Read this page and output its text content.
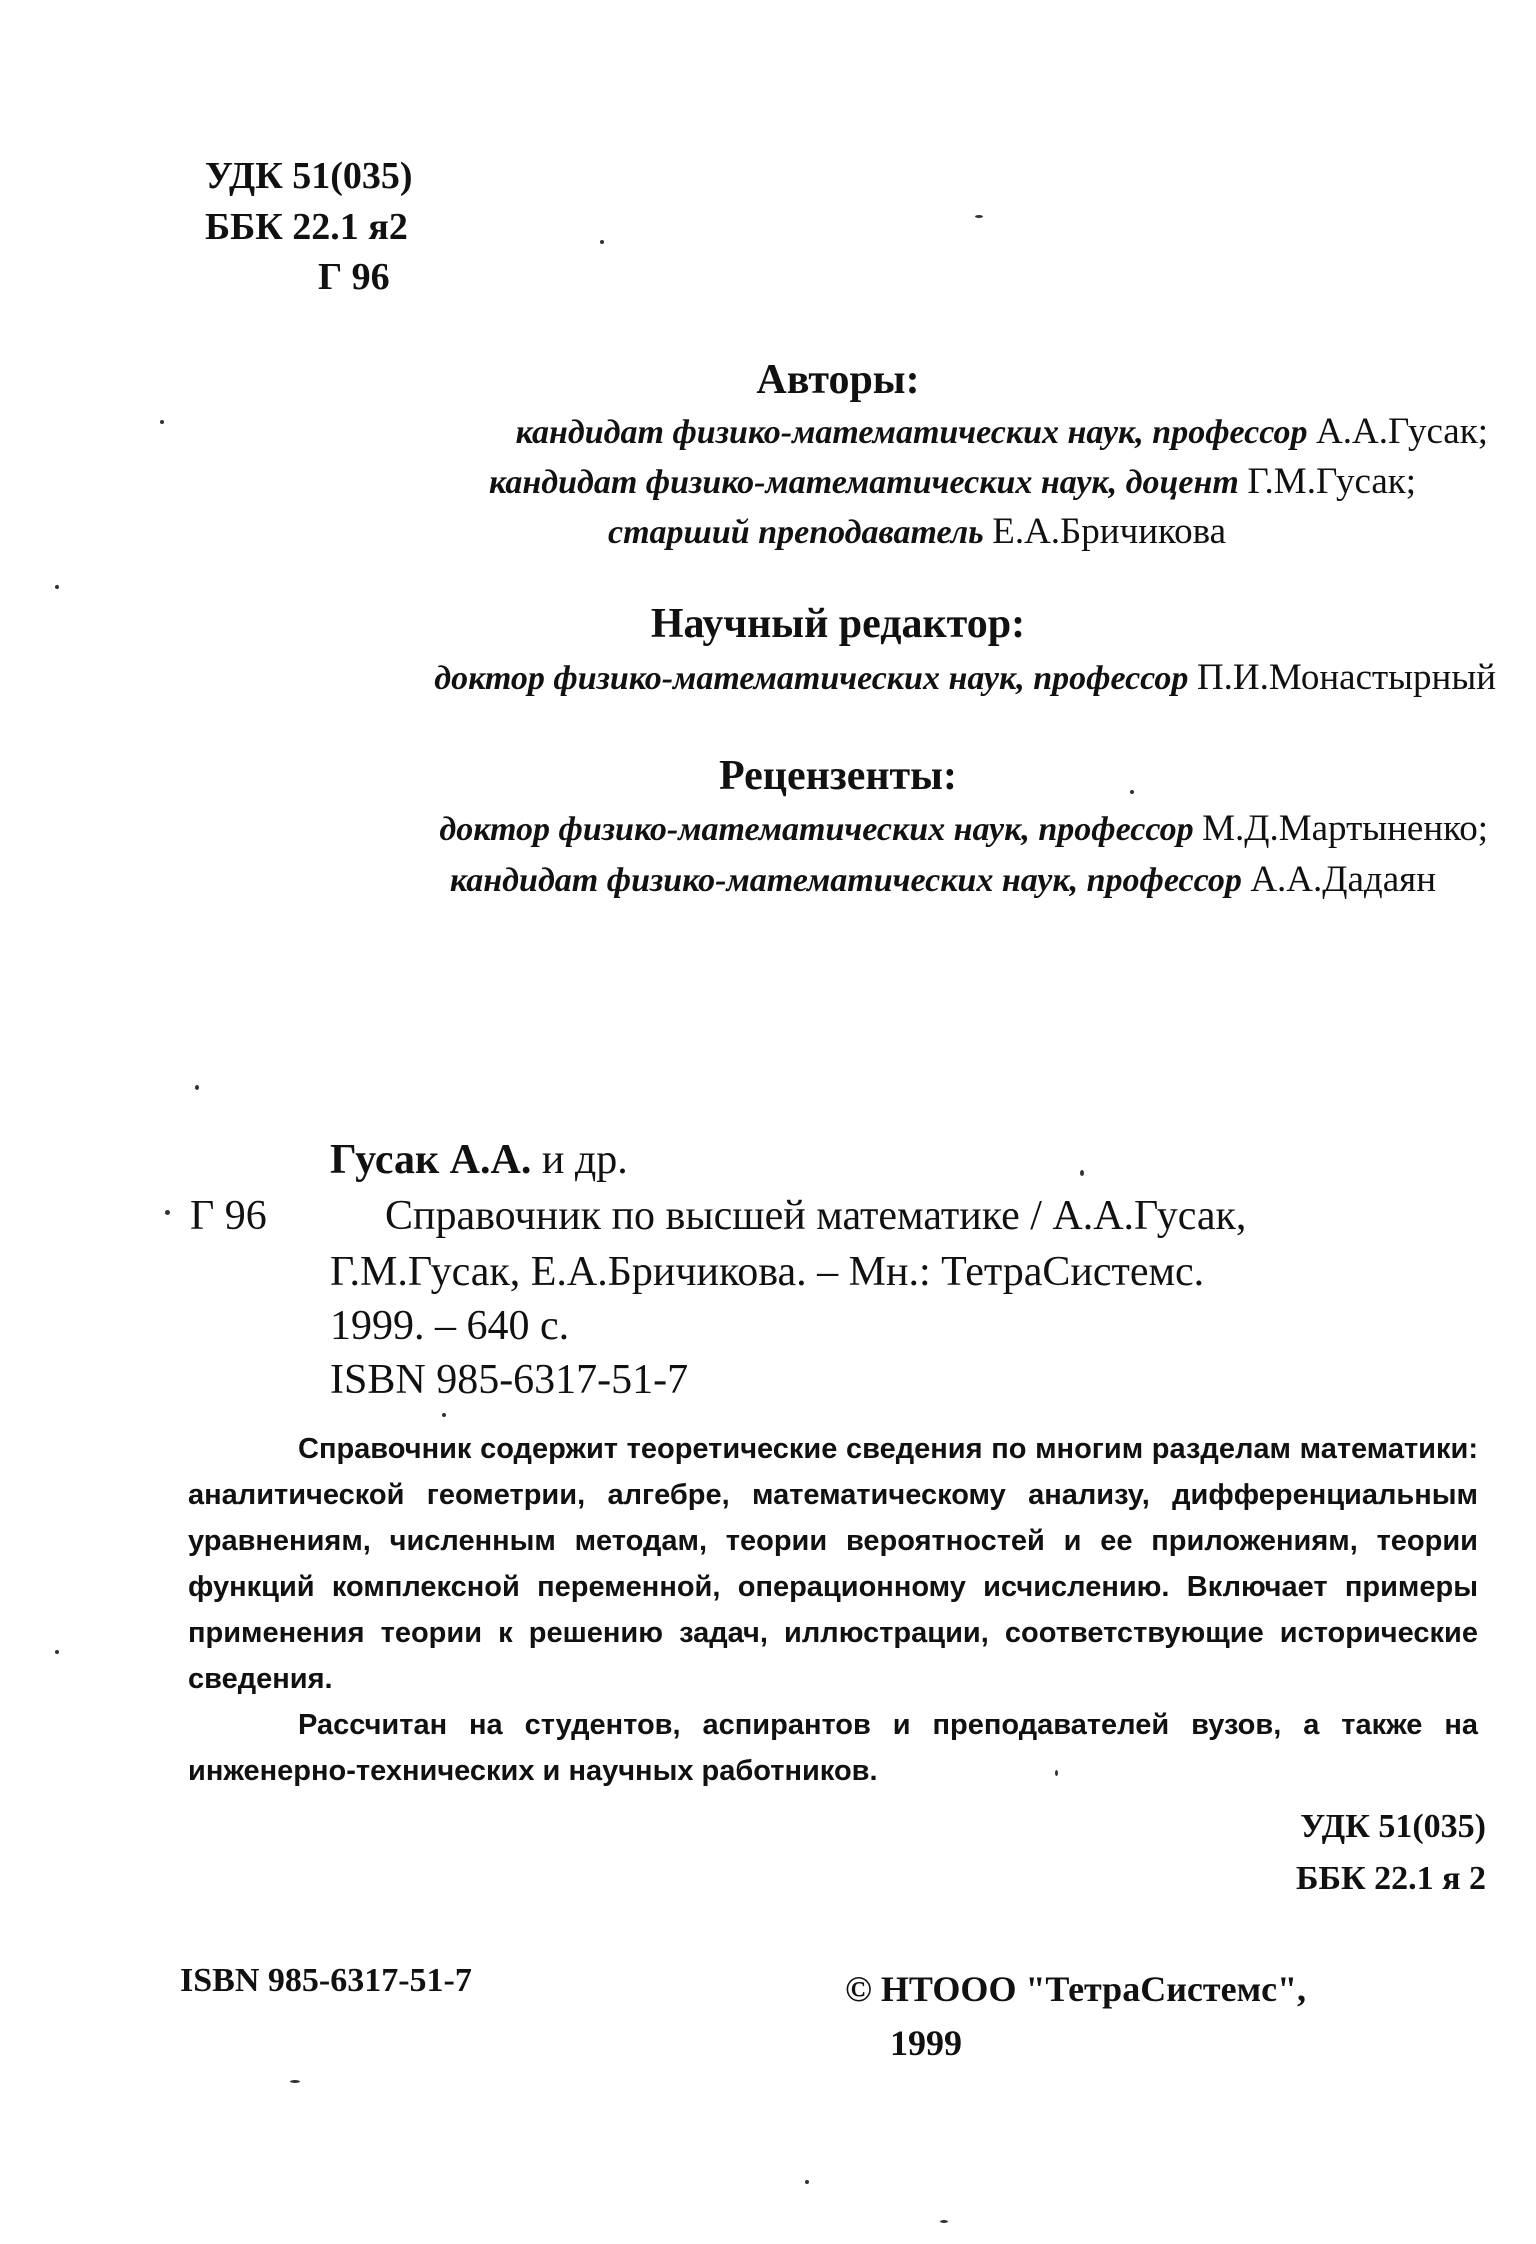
УДК 51(035)
ББК 22.1 я2
Г 96
Авторы:
кандидат физико-математических наук, профессор А.А.Гусак;
кандидат физико-математических наук, доцент Г.М.Гусак;
старший преподаватель Е.А.Бричикова
Научный редактор:
доктор физико-математических наук, профессор П.И.Монастырный
Рецензенты:
доктор физико-математических наук, профессор М.Д.Мартыненко;
кандидат физико-математических наук, профессор А.А.Дадаян
Гусак А.А. и др.
Г 96	Справочник по высшей математике / А.А.Гусак,
Г.М.Гусак, Е.А.Бричикова. – Мн.: ТетраСистемс.
1999. – 640 с.
ISBN 985-6317-51-7

Справочник содержит теоретические сведения по многим разделам математики: аналитической геометрии, алгебре, математическому анализу, дифференциальным уравнениям, численным методам, теории вероятностей и ее приложениям, теории функций комплексной переменной, операционному исчислению. Включает примеры применения теории к решению задач, иллюстрации, соответствующие исторические сведения.

Рассчитан на студентов, аспирантов и преподавателей вузов, а также на инженерно-технических и научных работников.

УДК 51(035)
ББК 22.1 я 2
ISBN 985-6317-51-7	© НТООО "ТетраСистемс",
1999
